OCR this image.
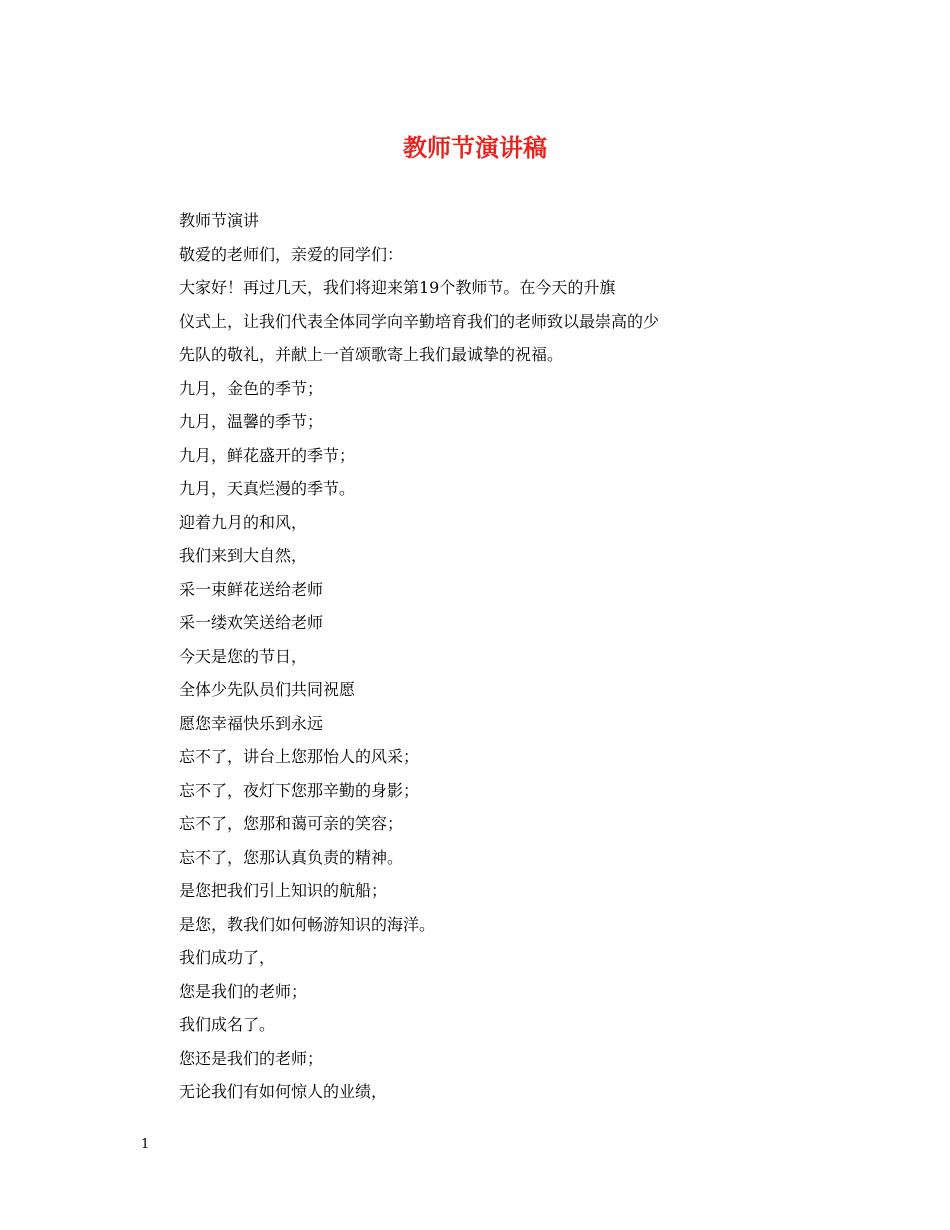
教师节演讲稿

教师节演讲

敬爱的老师们，亲爱的同学们：

大家好！再过几天，我们将迎来第19个教师节。在今天的升旗

仪式上，让我们代表全体同学向辛勤培育我们的老师致以最崇高的少

先队的敬礼，并献上一首颂歌寄上我们最诚挚的祝福。

九月，金色的季节；

九月，温馨的季节；

九月，鲜花盛开的季节；

九月，天真烂漫的季节。

迎着九月的和风，

我们来到大自然，

采一束鲜花送给老师

采一缕欢笑送给老师

今天是您的节日，

全体少先队员们共同祝愿

愿您幸福快乐到永远

忘不了，讲台上您那怡人的风采；

忘不了，夜灯下您那辛勤的身影；

忘不了，您那和蔼可亲的笑容；

忘不了，您那认真负责的精神。

是您把我们引上知识的航船；

是您，教我们如何畅游知识的海洋。

我们成功了，

您是我们的老师；

我们成名了。

您还是我们的老师；

无论我们有如何惊人的业绩，

1
